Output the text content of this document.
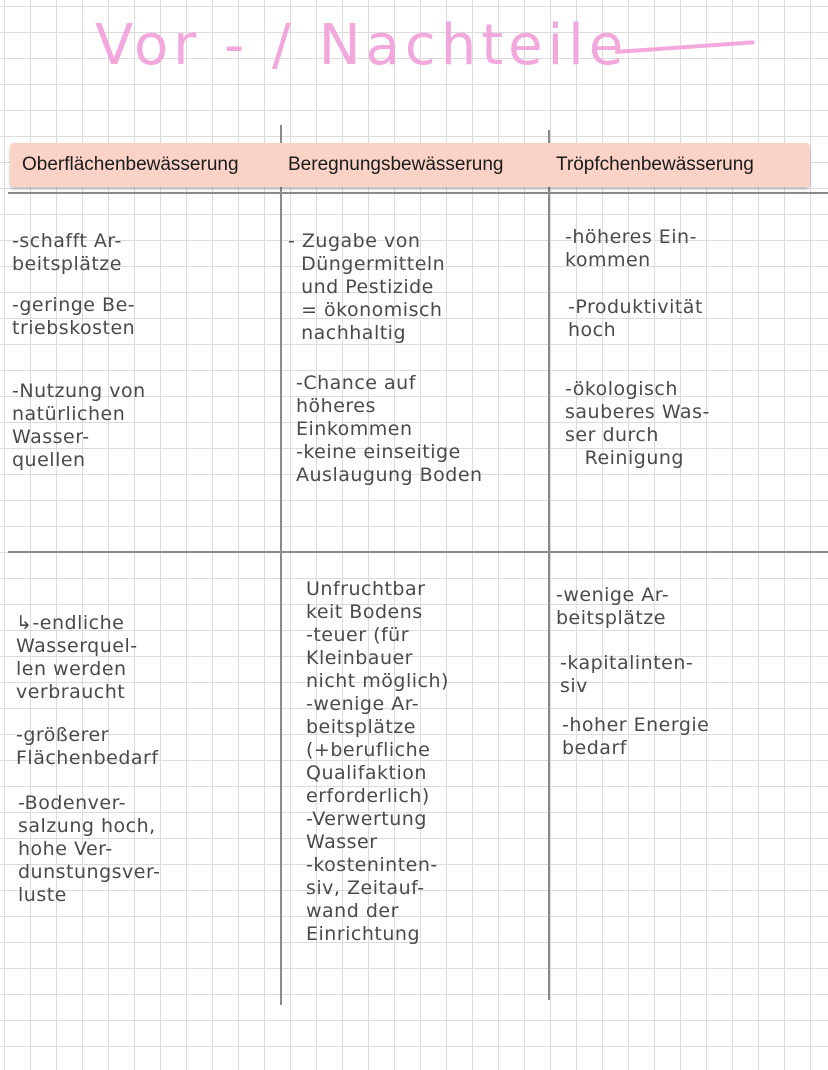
Vor - / Nachteile
Oberflächenbewässerung	Beregnungsbewässerung	Tröpfchenbewässerung
-schafft Ar-
beitsplätze
-geringe Be-
triebskosten
-Nutzung von
natürlichen
Wasser-
quellen
- Zugabe von
Düngermitteln
und Pestizide
= ökonomisch
nachhaltig
-Chance auf
höheres
Einkommen
-keine einseitige
Auslaugung Boden
-höheres Ein-
kommen
-Produktivität
hoch
-ökologisch
sauberes Was-
ser durch
Reinigung
↳-endliche
Wasserquel-
len werden
verbraucht
-größerer
Flächenbedarf
-Bodenver-
salzung hoch,
hohe Ver-
dunstungsver-
luste
Unfruchtbar
keit Bodens
-teuer (für
Kleinbauer
nicht möglich)
-wenige Ar-
beitsplätze
(+berufliche
Qualifaktion
erforderlich)
-Verwertung
Wasser
-kosteninten-
siv, Zeitauf-
wand der
Einrichtung
-wenige Ar-
beitsplätze
-kapitalinten-
siv
-hoher Energie
bedarf
